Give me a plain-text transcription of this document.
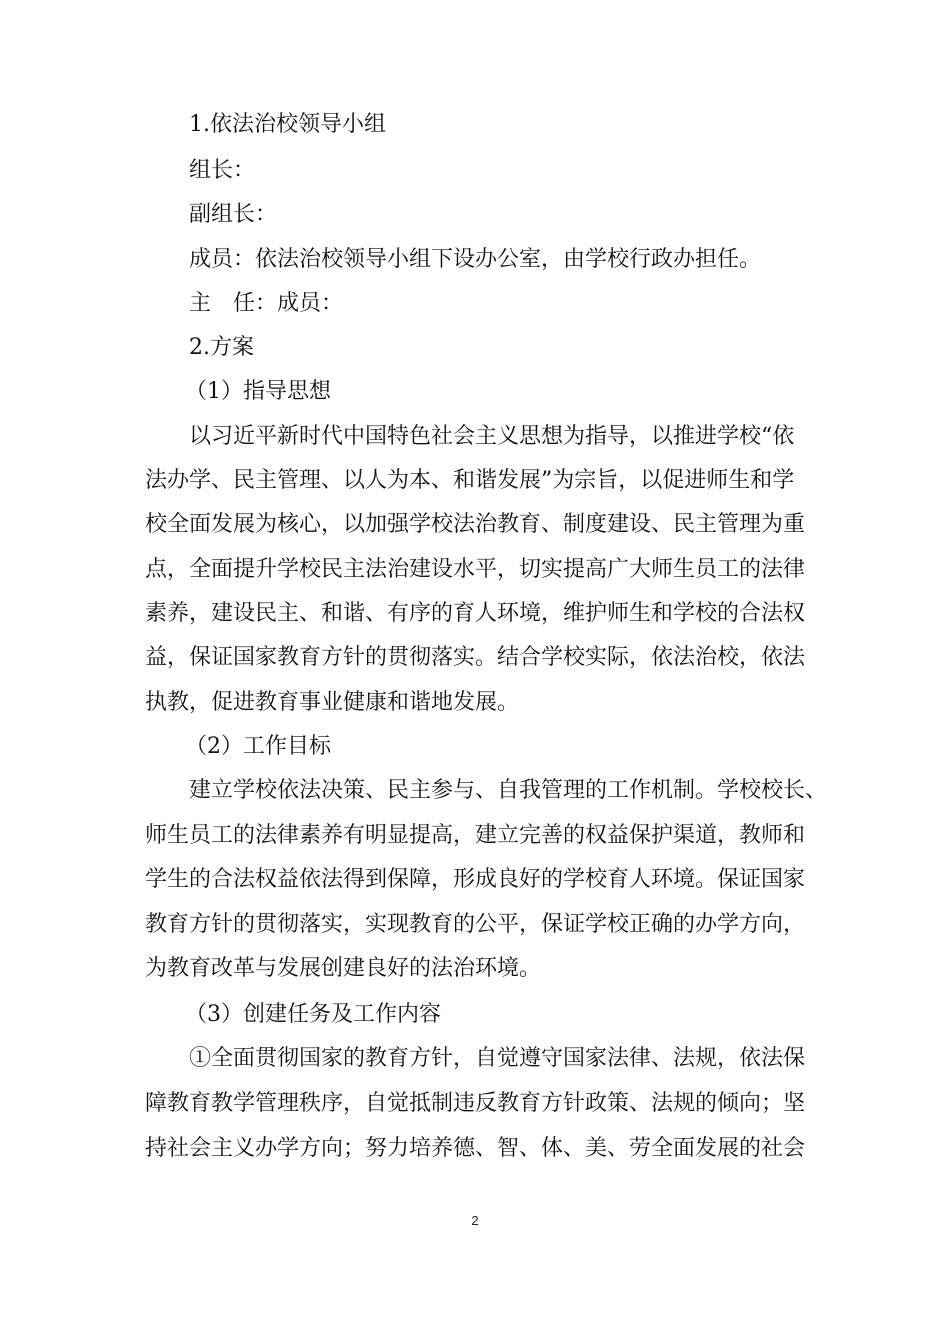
1.依法治校领导小组

组长：

副组长：

成员：依法治校领导小组下设办公室，由学校行政办担任。

主　任：成员：

2.方案

（1）指导思想

以习近平新时代中国特色社会主义思想为指导，以推进学校“依

法办学、民主管理、以人为本、和谐发展”为宗旨，以促进师生和学

校全面发展为核心，以加强学校法治教育、制度建设、民主管理为重

点，全面提升学校民主法治建设水平，切实提高广大师生员工的法律

素养，建设民主、和谐、有序的育人环境，维护师生和学校的合法权

益，保证国家教育方针的贯彻落实。结合学校实际，依法治校，依法

执教，促进教育事业健康和谐地发展。

（2）工作目标

建立学校依法决策、民主参与、自我管理的工作机制。学校校长、

师生员工的法律素养有明显提高，建立完善的权益保护渠道，教师和

学生的合法权益依法得到保障，形成良好的学校育人环境。保证国家

教育方针的贯彻落实，实现教育的公平，保证学校正确的办学方向，

为教育改革与发展创建良好的法治环境。

（3）创建任务及工作内容

①全面贯彻国家的教育方针，自觉遵守国家法律、法规，依法保

障教育教学管理秩序，自觉抵制违反教育方针政策、法规的倾向；坚

持社会主义办学方向；努力培养德、智、体、美、劳全面发展的社会

2
